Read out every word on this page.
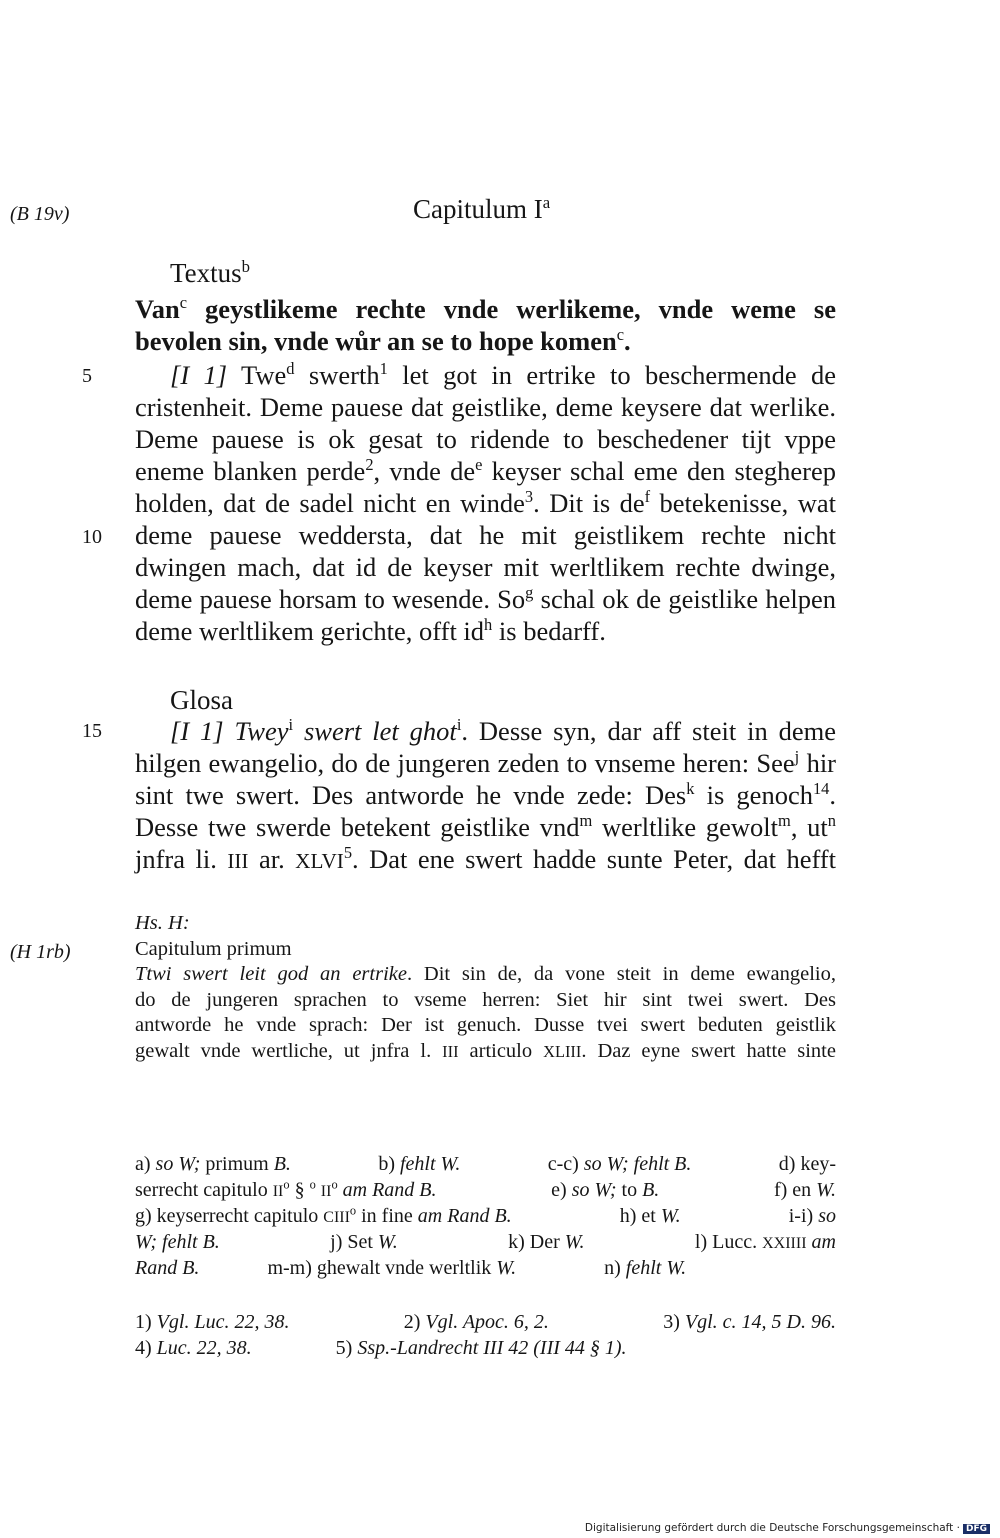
(B 19v)
(H 1rb)
Capitulum $I^a$
Textus$^b$
Van$^c$ geystlikeme rechte vnde werlikeme, vnde weme se
bevolen sin, vnde wůr an se to hope komen$^c$.
5
10
15
[I 1] Twe$^d$ swerth$^1$ let got in ertrike to beschermende de
cristenheit. Deme pauese dat geistlike, deme keysere dat werlike.
Deme pauese is ok gesat to ridende to beschedener tijt vppe
eneme blanken perde$^2$, vnde $de^e$ keyser schal eme den stegherep
holden, dat de sadel nicht en winde$^3$. Dit is $de^f$ betekenisse, wat
deme pauese weddersta, dat he mit geistlikem rechte nicht
dwingen mach, dat id de keyser mit werltlikem rechte dwinge,
deme pauese horsam to wesende. So$^g$ schal ok de geistlike helpen
deme werltlikem gerichte, offt $id^h$ is bedarff.
Glosa
[I 1] Twey$^i$ swert let ghot$^i$. Desse syn, dar aff steit in deme
hilgen ewangelio, do de jungeren zeden to vnseme heren: See$^j$ hir
sint twe swert. Des antworde he vnde zede: Des$^k$ is genoch$^{14}$.
Desse twe swerde betekent geistlike vnd$^m$ werltlike gewolt$^m$, $ut^n$
jnfra li. III ar. XLVI$^5$. Dat ene swert hadde sunte Peter, dat hefft
Hs. H:
Capitulum primum
Ttwi swert leit god an ertrike. Dit sin de, da vone steit in deme ewangelio,
do de jungeren sprachen to vseme herren: Siet hir sint twei swert. Des
antworde he vnde sprach: Der ist genuch. Dusse tvei swert beduten geistlik
gewalt vnde wertliche, ut jnfra l. III articulo XLIII. Daz eyne swert hatte sinte
a) so W; primum B.	b) fehlt W.	c-c) so W; fehlt B.	d) key-
serrecht capitulo $II^o$ § $^o$ $II^o$ am Rand B.	e) so W; to B.	f) en W.
g) keyserrecht capitulo CIII$^o$ in fine am Rand B.	h) et W.	i-i) so
W; fehlt B.	j) Set W.	k) Der W.	l) Lucc. XXIIII am
Rand B.	m-m) ghewalt vnde werltlik W.	n) fehlt W.
1) Vgl. Luc. 22, 38.	2) Vgl. Apoc. 6, 2.	3) Vgl. c. 14, 5 D. 96.
4) Luc. 22, 38.	5) Ssp.-Landrecht III 42 (III 44 § 1).
Digitalisierung gefördert durch die Deutsche Forschungsgemeinschaft · DFG
